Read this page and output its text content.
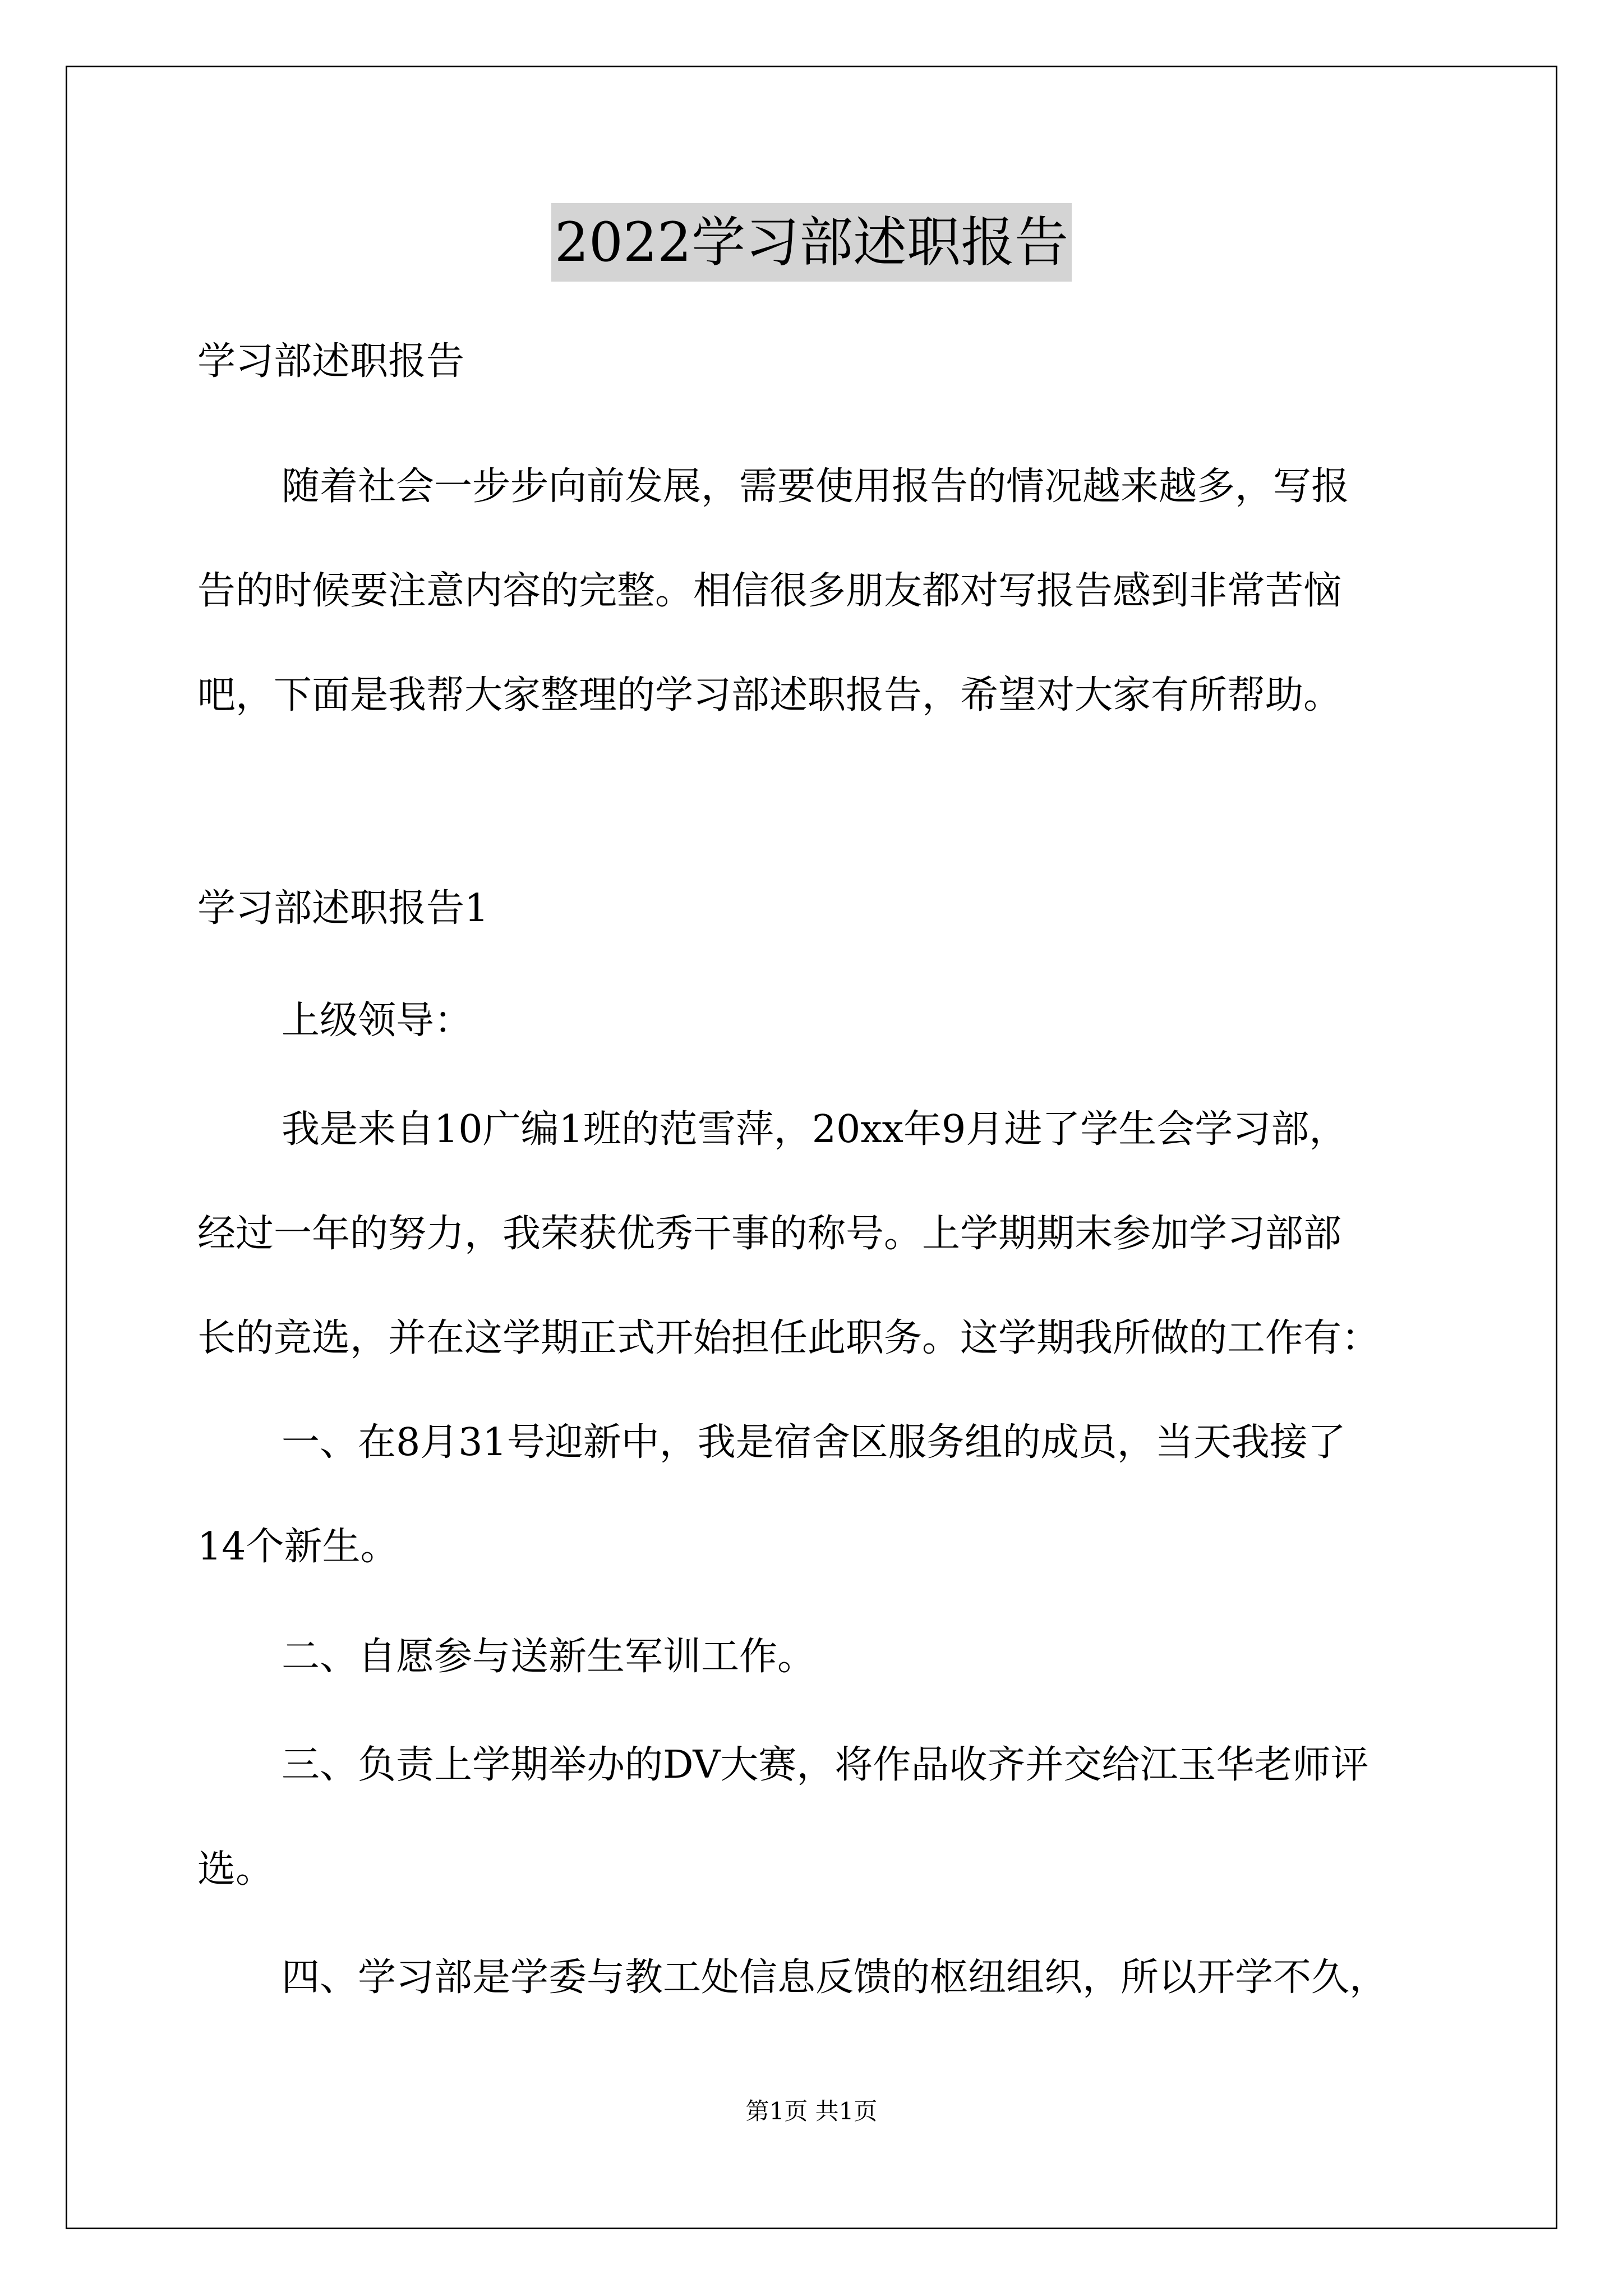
2022学习部述职报告

学习部述职报告

随着社会一步步向前发展，需要使用报告的情况越来越多，写报

告的时候要注意内容的完整。相信很多朋友都对写报告感到非常苦恼

吧，下面是我帮大家整理的学习部述职报告，希望对大家有所帮助。

学习部述职报告1

上级领导：

我是来自10广编1班的范雪萍，20xx年9月进了学生会学习部，

经过一年的努力，我荣获优秀干事的称号。上学期期末参加学习部部

长的竞选，并在这学期正式开始担任此职务。这学期我所做的工作有：

一、在8月31号迎新中，我是宿舍区服务组的成员，当天我接了

14个新生。

二、自愿参与送新生军训工作。

三、负责上学期举办的DV大赛，将作品收齐并交给江玉华老师评

选。

四、学习部是学委与教工处信息反馈的枢纽组织，所以开学不久，

第1页 共1页
